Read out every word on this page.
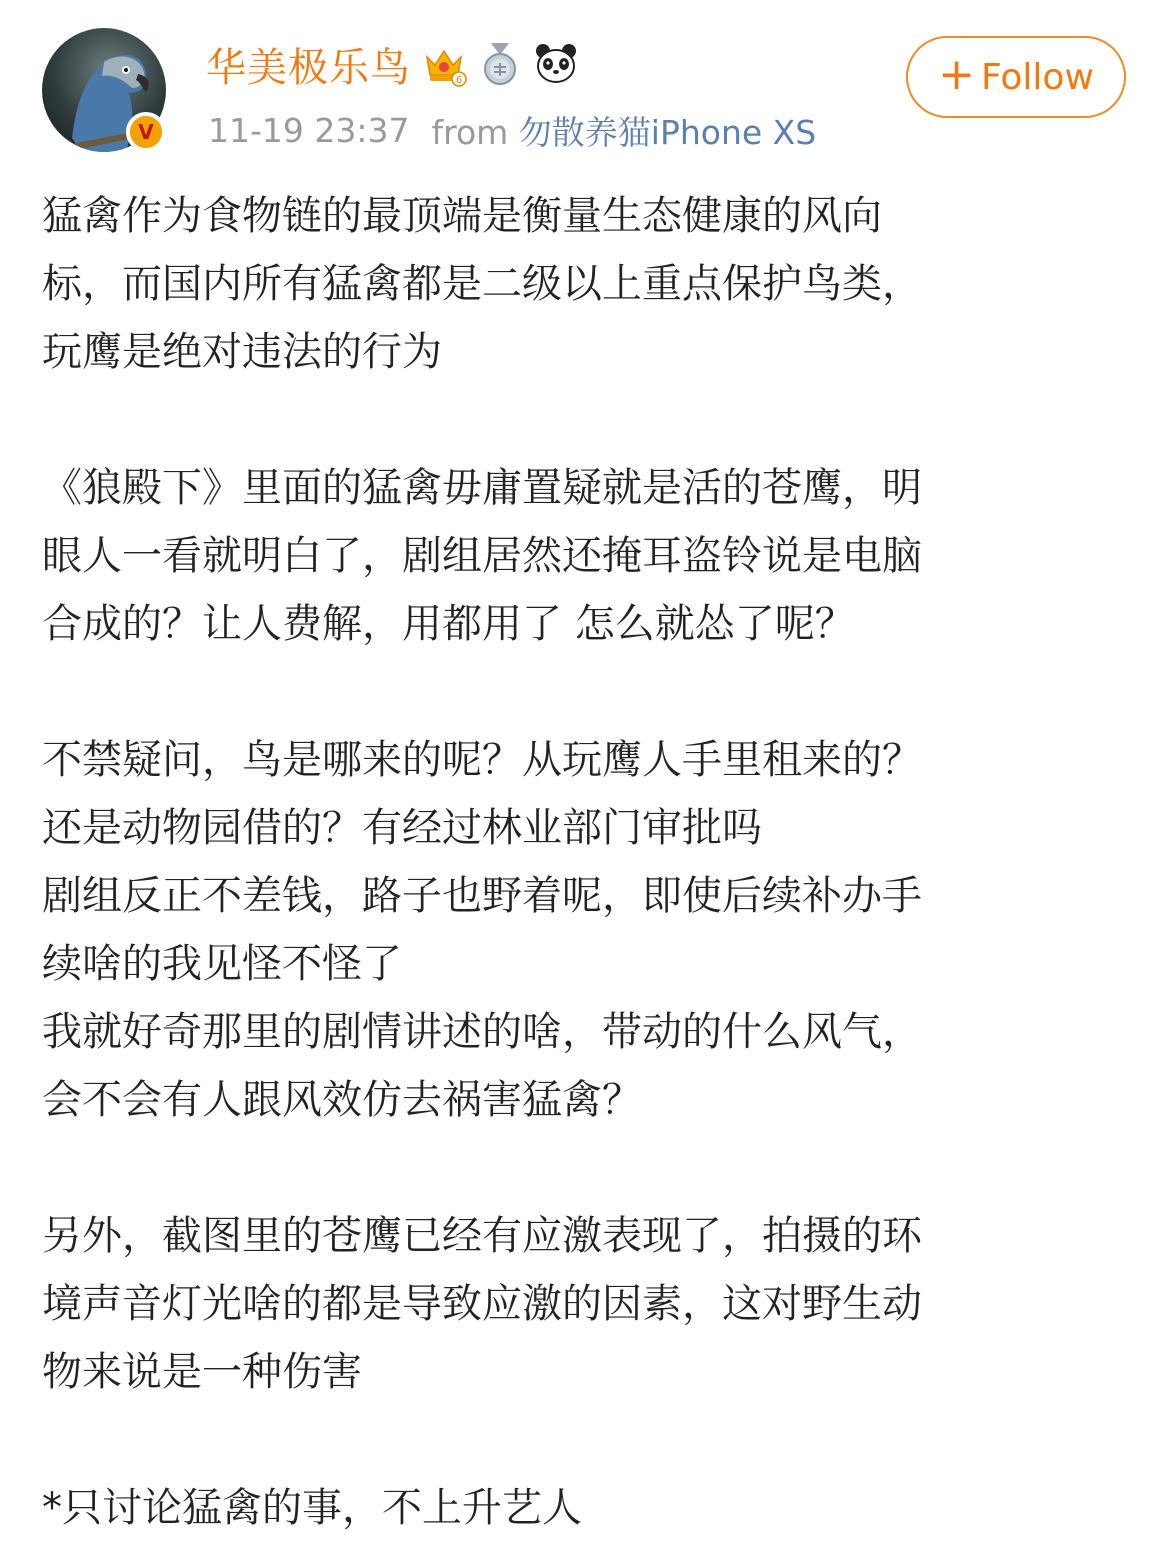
V
华美极乐鸟	6
11-19 23:37 from 勿散养猫iPhone XS
+ Follow
猛禽作为食物链的最顶端是衡量生态健康的风向
标，而国内所有猛禽都是二级以上重点保护鸟类，
玩鹰是绝对违法的行为
《狼殿下》里面的猛禽毋庸置疑就是活的苍鹰，明
眼人一看就明白了，剧组居然还掩耳盗铃说是电脑
合成的？让人费解，用都用了 怎么就怂了呢？
不禁疑问，鸟是哪来的呢？从玩鹰人手里租来的？
还是动物园借的？有经过林业部门审批吗
剧组反正不差钱，路子也野着呢，即使后续补办手
续啥的我见怪不怪了
我就好奇那里的剧情讲述的啥，带动的什么风气，
会不会有人跟风效仿去祸害猛禽？
另外，截图里的苍鹰已经有应激表现了，拍摄的环
境声音灯光啥的都是导致应激的因素，这对野生动
物来说是一种伤害
*只讨论猛禽的事，不上升艺人
